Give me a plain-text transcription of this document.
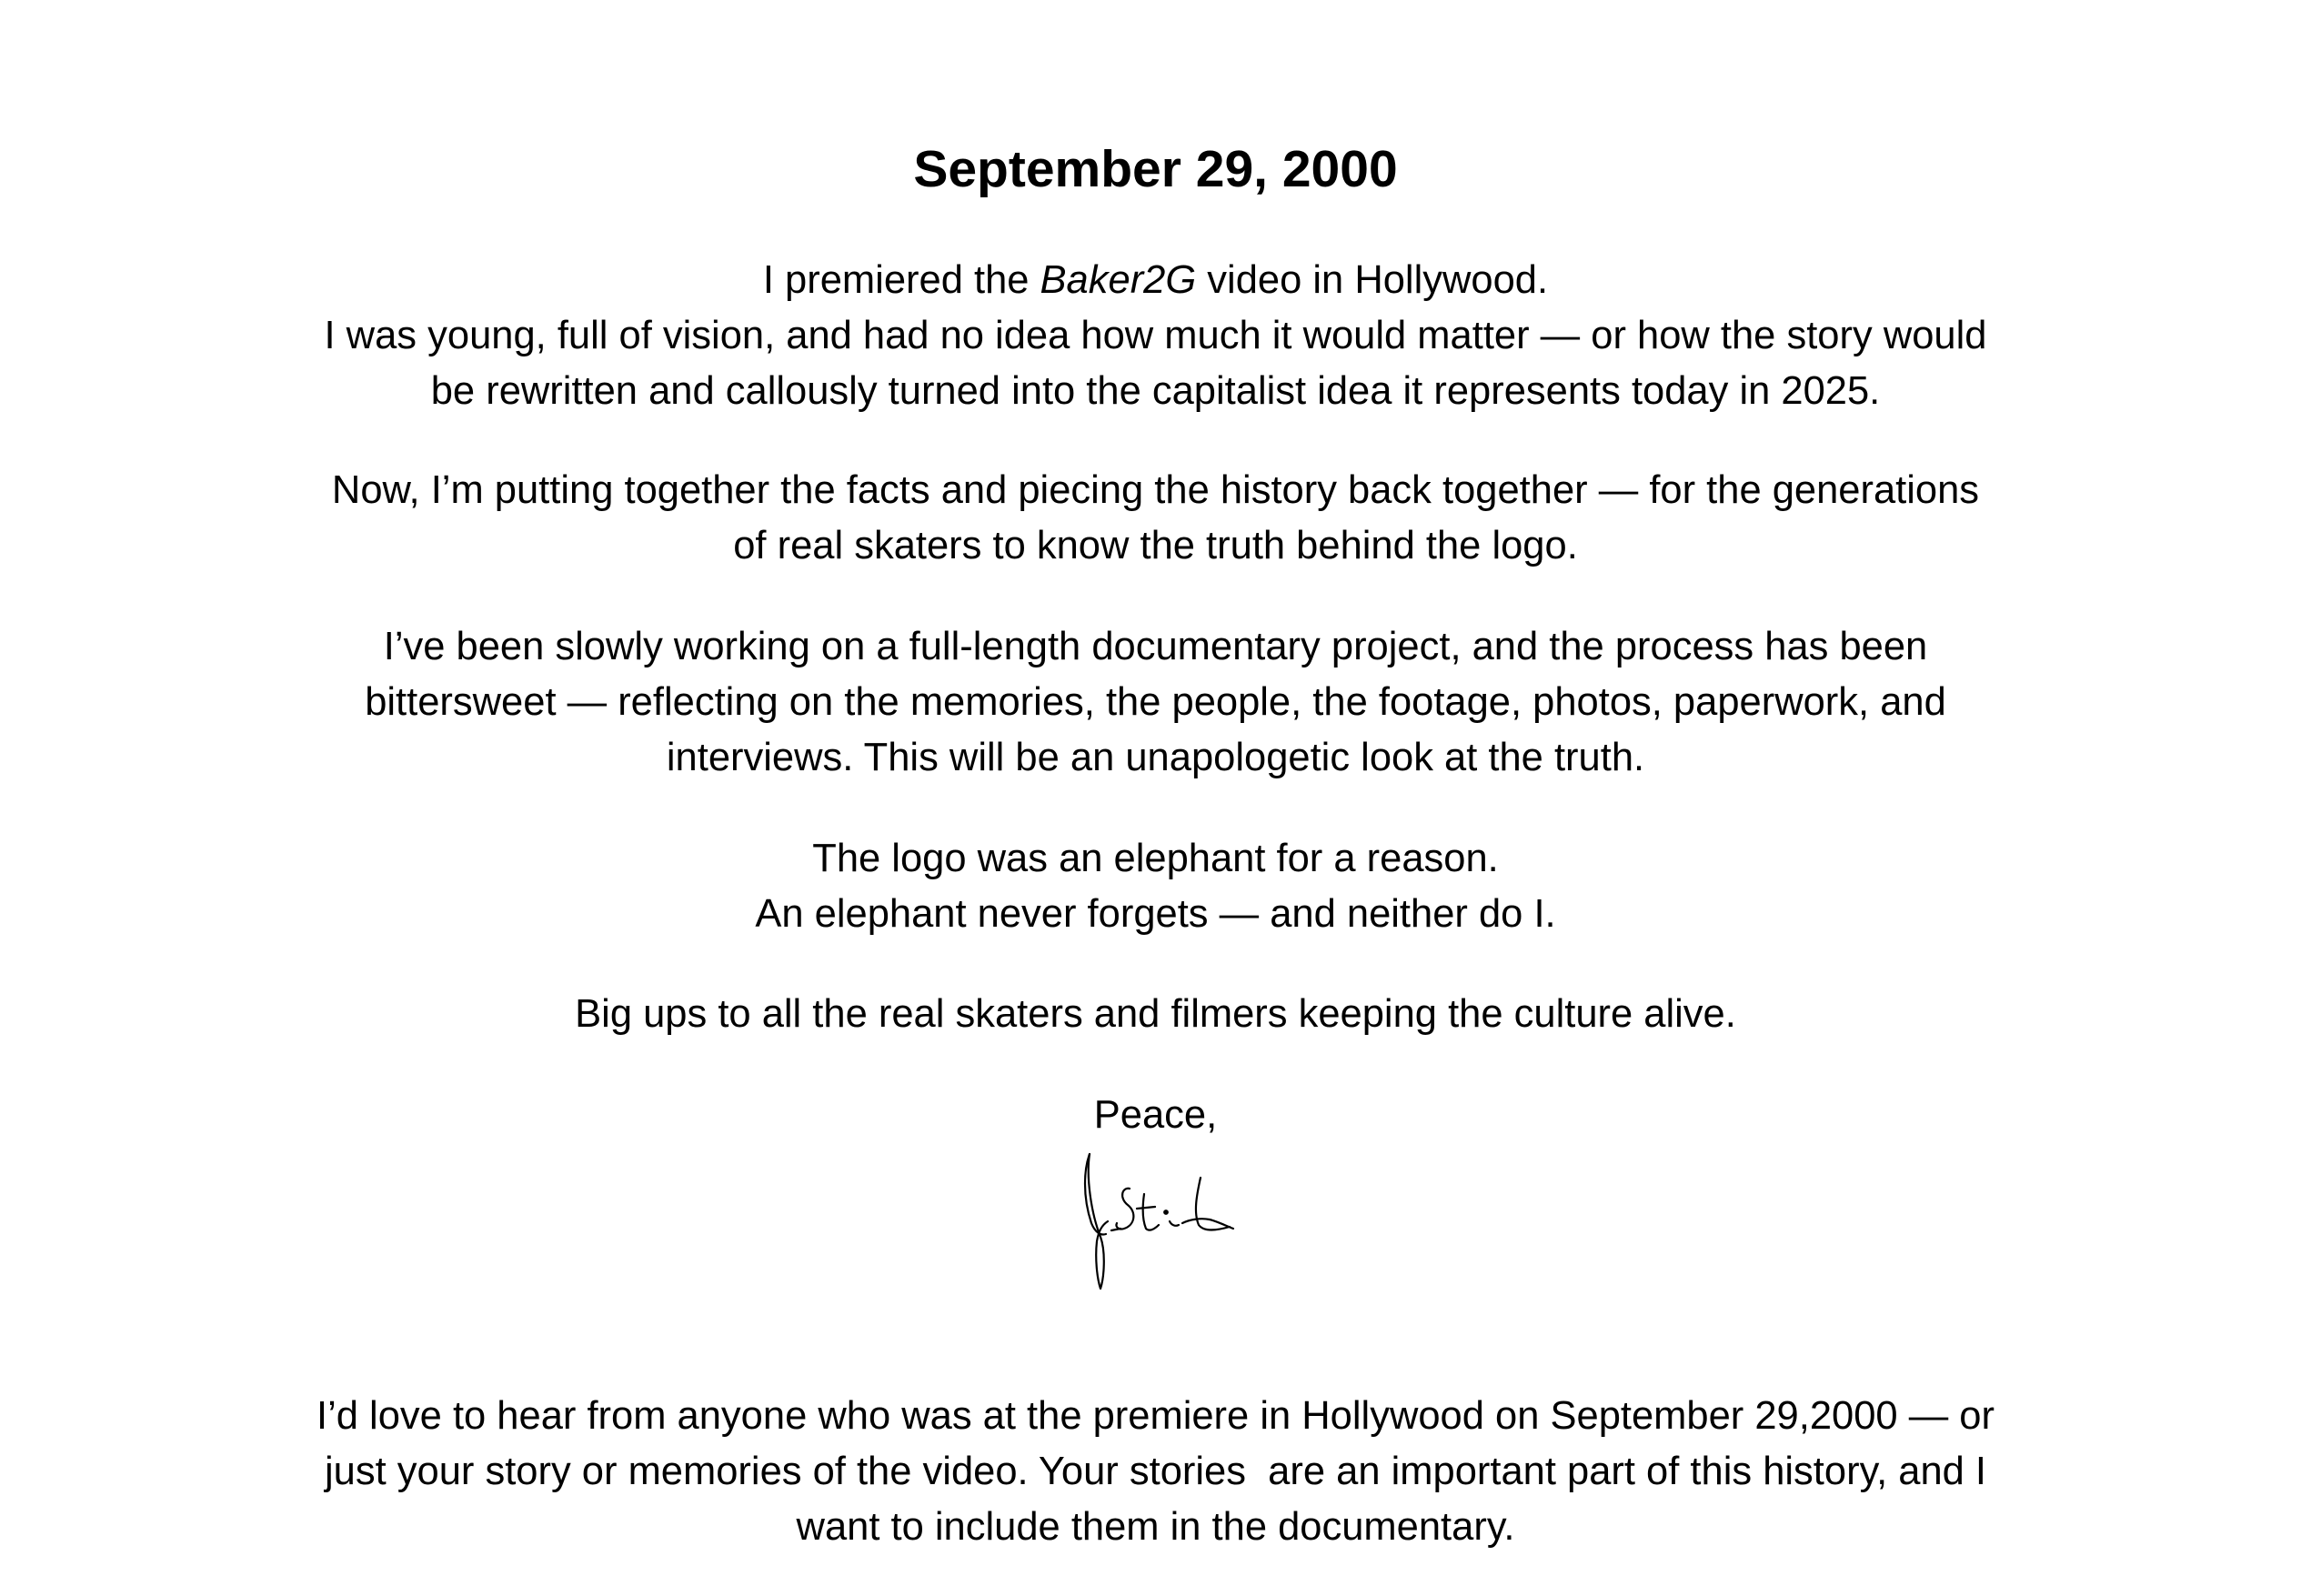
September 29, 2000
I premiered the Baker2G video in Hollywood.
I was young, full of vision, and had no idea how much it would matter — or how the story would
be rewritten and callously turned into the capitalist idea it represents today in 2025.
Now, I’m putting together the facts and piecing the history back together — for the generations
of real skaters to know the truth behind the logo.
I’ve been slowly working on a full-length documentary project, and the process has been
bittersweet — reflecting on the memories, the people, the footage, photos, paperwork, and
interviews. This will be an unapologetic look at the truth.
The logo was an elephant for a reason.
An elephant never forgets — and neither do I.
Big ups to all the real skaters and filmers keeping the culture alive.
Peace,
I’d love to hear from anyone who was at the premiere in Hollywood on September 29,2000 — or
just your story or memories of the video. Your stories  are an important part of this history, and I
want to include them in the documentary.
